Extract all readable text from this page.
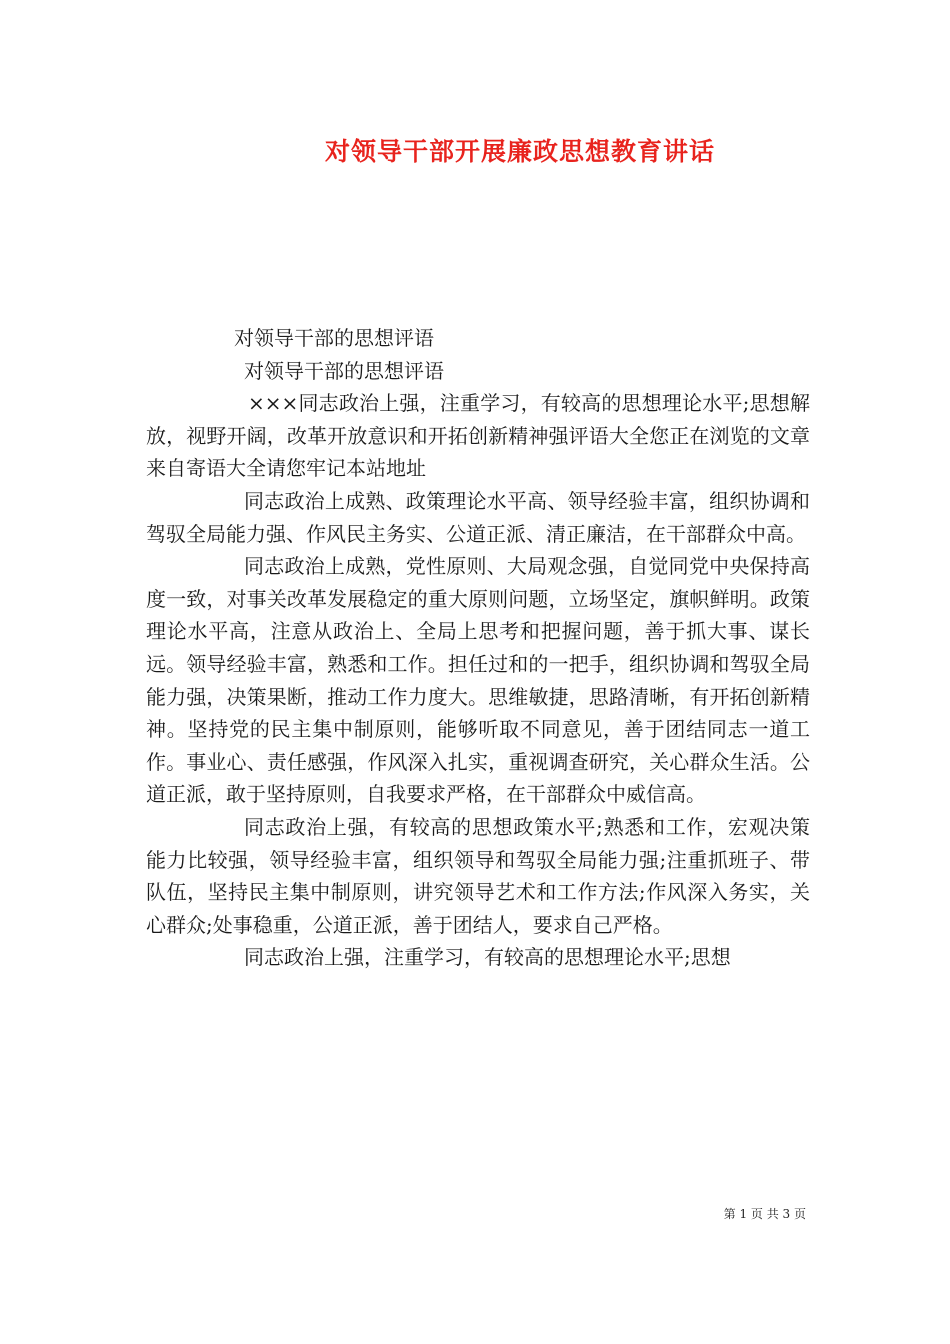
对领导干部开展廉政思想教育讲话

对领导干部的思想评语

对领导干部的思想评语

×××同志政治上强，注重学习，有较高的思想理论水平;思想解放，视野开阔，改革开放意识和开拓创新精神强评语大全您正在浏览的文章来自寄语大全请您牢记本站地址

同志政治上成熟、政策理论水平高、领导经验丰富，组织协调和驾驭全局能力强、作风民主务实、公道正派、清正廉洁，在干部群众中高。

同志政治上成熟，党性原则、大局观念强，自觉同党中央保持高度一致，对事关改革发展稳定的重大原则问题，立场坚定，旗帜鲜明。政策理论水平高，注意从政治上、全局上思考和把握问题，善于抓大事、谋长远。领导经验丰富，熟悉和工作。担任过和的一把手，组织协调和驾驭全局能力强，决策果断，推动工作力度大。思维敏捷，思路清晰，有开拓创新精神。坚持党的民主集中制原则，能够听取不同意见，善于团结同志一道工作。事业心、责任感强，作风深入扎实，重视调查研究，关心群众生活。公道正派，敢于坚持原则，自我要求严格，在干部群众中威信高。

同志政治上强，有较高的思想政策水平;熟悉和工作，宏观决策能力比较强，领导经验丰富，组织领导和驾驭全局能力强;注重抓班子、带队伍，坚持民主集中制原则，讲究领导艺术和工作方法;作风深入务实，关心群众;处事稳重，公道正派，善于团结人，要求自己严格。

同志政治上强，注重学习，有较高的思想理论水平;思想

第 1 页 共 3 页
